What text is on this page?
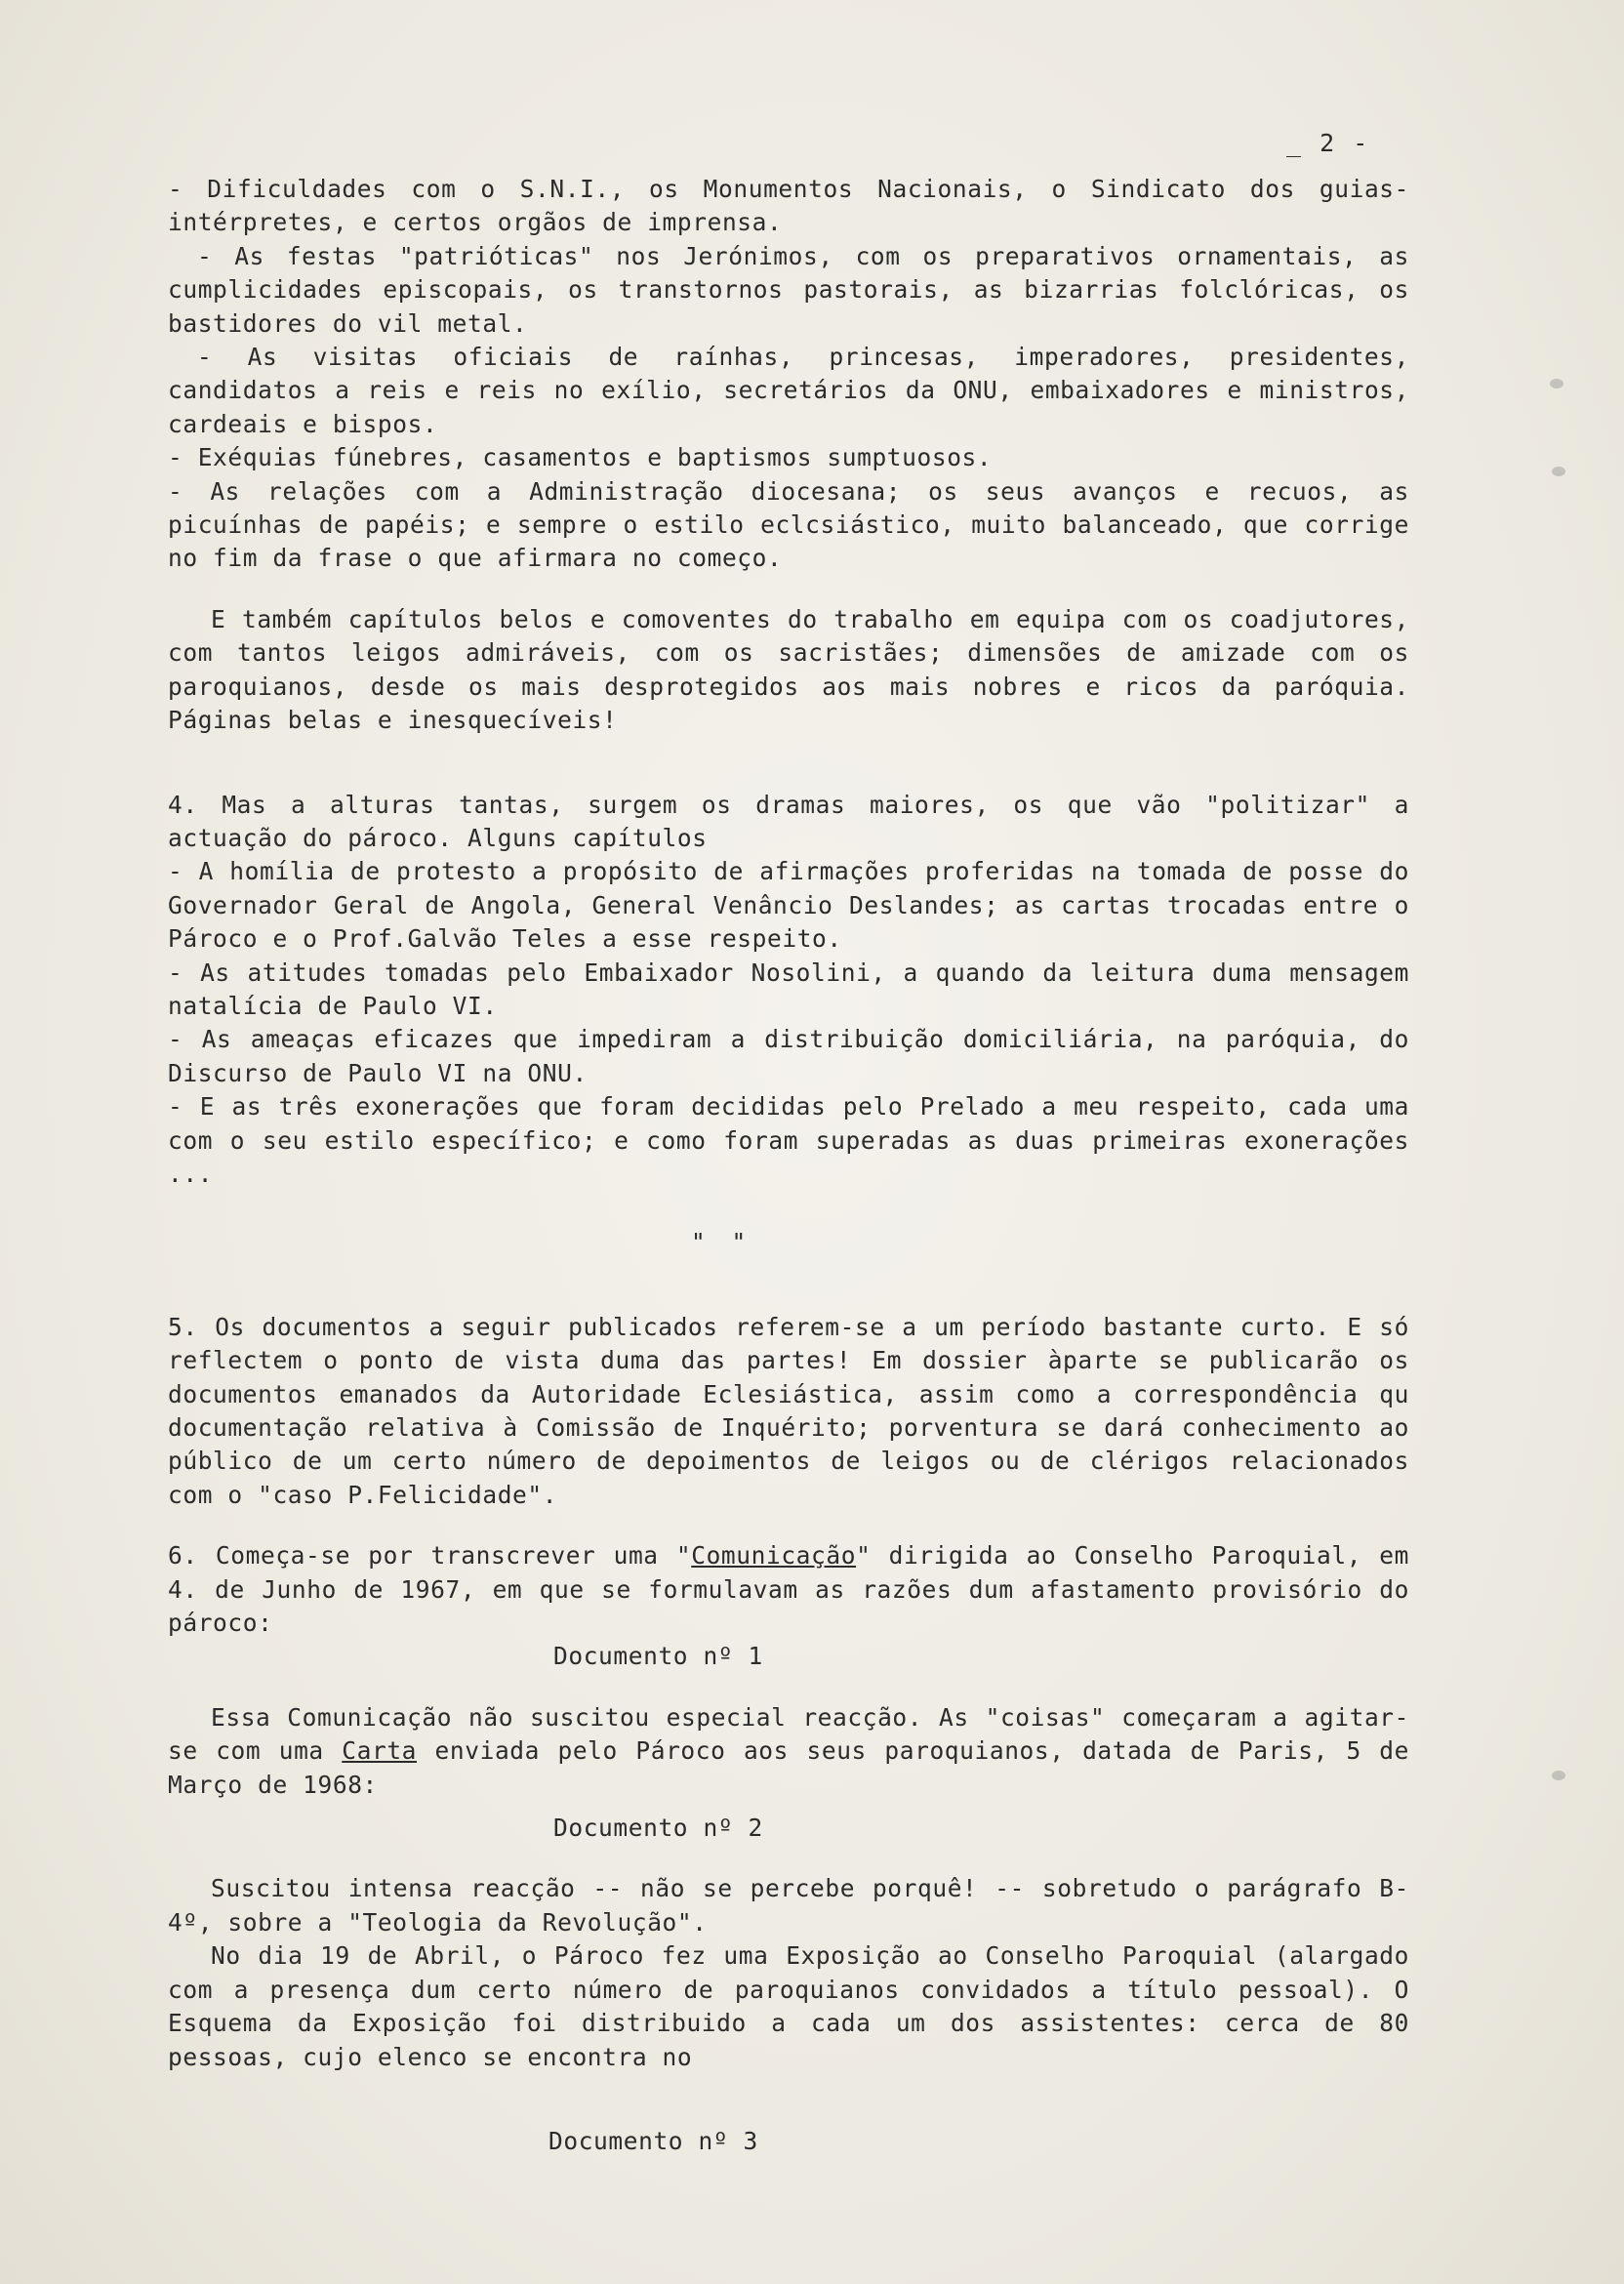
_ 2 -

- Dificuldades com o S.N.I., os Monumentos Nacionais, o Sindicato dos guias-intérpretes, e certos orgãos de imprensa.

- As festas "patrióticas" nos Jerónimos, com os preparativos ornamentais, as cumplicidades episcopais, os transtornos pastorais, as bizarrias folclóricas, os bastidores do vil metal.

- As visitas oficiais de raínhas, princesas, imperadores, presidentes, candidatos a reis e reis no exílio, secretários da ONU, embaixadores e ministros, cardeais e bispos.

- Exéquias fúnebres, casamentos e baptismos sumptuosos.

- As relações com a Administração diocesana; os seus avanços e recuos, as picuínhas de papéis; e sempre o estilo eclcsiástico, muito balanceado, que corrige no fim da frase o que afirmara no começo.

E também capítulos belos e comoventes do trabalho em equipa com os coadjutores, com tantos leigos admiráveis, com os sacristães; dimensões de amizade com os paroquianos, desde os mais desprotegidos aos mais nobres e ricos da paróquia. Páginas belas e inesquecíveis!

4. Mas a alturas tantas, surgem os dramas maiores, os que vão "politizar" a actuação do pároco. Alguns capítulos

- A homília de protesto a propósito de afirmações proferidas na tomada de posse do Governador Geral de Angola, General Venâncio Deslandes; as cartas trocadas entre o Pároco e o Prof.Galvão Teles a esse respeito.

- As atitudes tomadas pelo Embaixador Nosolini, a quando da leitura duma mensagem natalícia de Paulo VI.

- As ameaças eficazes que impediram a distribuição domiciliária, na paróquia, do Discurso de Paulo VI na ONU.

- E as três exonerações que foram decididas pelo Prelado a meu respeito, cada uma com o seu estilo específico; e como foram superadas as duas primeiras exonerações ...

" "

5. Os documentos a seguir publicados referem-se a um período bastante curto. E só reflectem o ponto de vista duma das partes! Em dossier àparte se publicarão os documentos emanados da Autoridade Eclesiástica, assim como a correspondência qu documentação relativa à Comissão de Inquérito; porventura se dará conhecimento ao público de um certo número de depoimentos de leigos ou de clérigos relacionados com o "caso P.Felicidade".

6. Começa-se por transcrever uma "Comunicação" dirigida ao Conselho Paroquial, em 4. de Junho de 1967, em que se formulavam as razões dum afastamento provisório do pároco:

Documento nº 1

Essa Comunicação não suscitou especial reacção. As "coisas" começaram a agitar-se com uma Carta enviada pelo Pároco aos seus paroquianos, datada de Paris, 5 de Março de 1968:

Documento nº 2

Suscitou intensa reacção -- não se percebe porquê! -- sobretudo o parágrafo B-4º, sobre a "Teologia da Revolução".

No dia 19 de Abril, o Pároco fez uma Exposição ao Conselho Paroquial (alargado com a presença dum certo número de paroquianos convidados a título pessoal). O Esquema da Exposição foi distribuido a cada um dos assistentes: cerca de 80 pessoas, cujo elenco se encontra no

Documento nº 3
